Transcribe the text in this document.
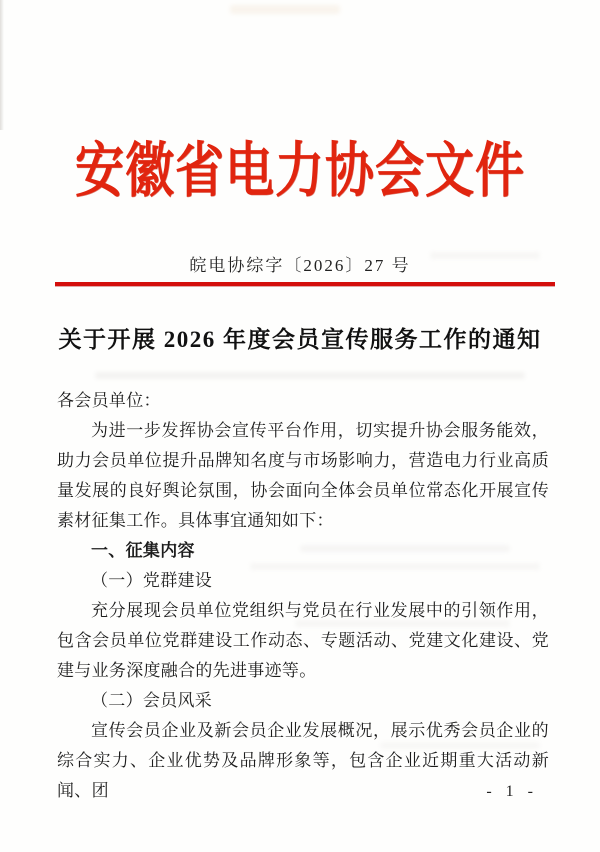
安徽省电力协会文件
皖电协综字〔2026〕27 号
关于开展 2026 年度会员宣传服务工作的通知

各会员单位：

为进一步发挥协会宣传平台作用，切实提升协会服务能效，助力会员单位提升品牌知名度与市场影响力，营造电力行业高质量发展的良好舆论氛围，协会面向全体会员单位常态化开展宣传素材征集工作。具体事宜通知如下：

一、征集内容

（一）党群建设

充分展现会员单位党组织与党员在行业发展中的引领作用，包含会员单位党群建设工作动态、专题活动、党建文化建设、党建与业务深度融合的先进事迹等。

（二）会员风采

宣传会员企业及新会员企业发展概况，展示优秀会员企业的综合实力、企业优势及品牌形象等，包含企业近期重大活动新闻、团	- 1 -
